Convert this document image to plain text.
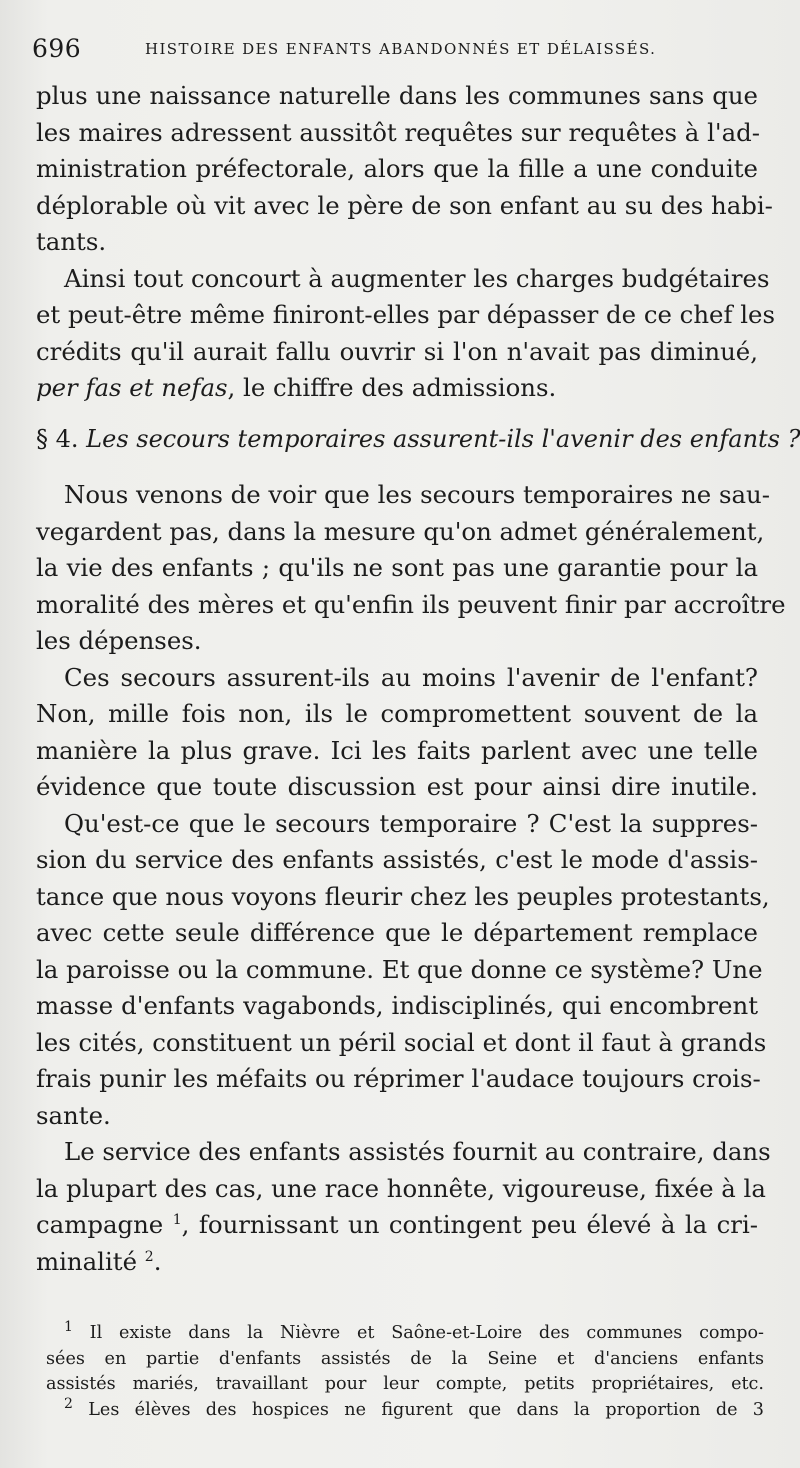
696	HISTOIRE DES ENFANTS ABANDONNÉS ET DÉLAISSÉS.
plus une naissance naturelle dans les communes sans que
les maires adressent aussitôt requêtes sur requêtes à l'ad-
ministration préfectorale, alors que la fille a une conduite
déplorable où vit avec le père de son enfant au su des habi-
tants.
Ainsi tout concourt à augmenter les charges budgétaires
et peut-être même finiront-elles par dépasser de ce chef les
crédits qu'il aurait fallu ouvrir si l'on n'avait pas diminué,
per fas et nefas, le chiffre des admissions.
§ 4. Les secours temporaires assurent-ils l'avenir des enfants ?
Nous venons de voir que les secours temporaires ne sau-
vegardent pas, dans la mesure qu'on admet généralement,
la vie des enfants ; qu'ils ne sont pas une garantie pour la
moralité des mères et qu'enfin ils peuvent finir par accroître
les dépenses.
Ces secours assurent-ils au moins l'avenir de l'enfant?
Non, mille fois non, ils le compromettent souvent de la
manière la plus grave. Ici les faits parlent avec une telle
évidence que toute discussion est pour ainsi dire inutile.
Qu'est-ce que le secours temporaire ? C'est la suppres-
sion du service des enfants assistés, c'est le mode d'assis-
tance que nous voyons fleurir chez les peuples protestants,
avec cette seule différence que le département remplace
la paroisse ou la commune. Et que donne ce système? Une
masse d'enfants vagabonds, indisciplinés, qui encombrent
les cités, constituent un péril social et dont il faut à grands
frais punir les méfaits ou réprimer l'audace toujours crois-
sante.
Le service des enfants assistés fournit au contraire, dans
la plupart des cas, une race honnête, vigoureuse, fixée à la
campagne $^1$, fournissant un contingent peu élevé à la cri-
minalité $^2$.
$^1$ Il existe dans la Nièvre et Saône-et-Loire des communes compo-
sées en partie d'enfants assistés de la Seine et d'anciens enfants
assistés mariés, travaillant pour leur compte, petits propriétaires, etc.
$^2$ Les élèves des hospices ne figurent que dans la proportion de 3
